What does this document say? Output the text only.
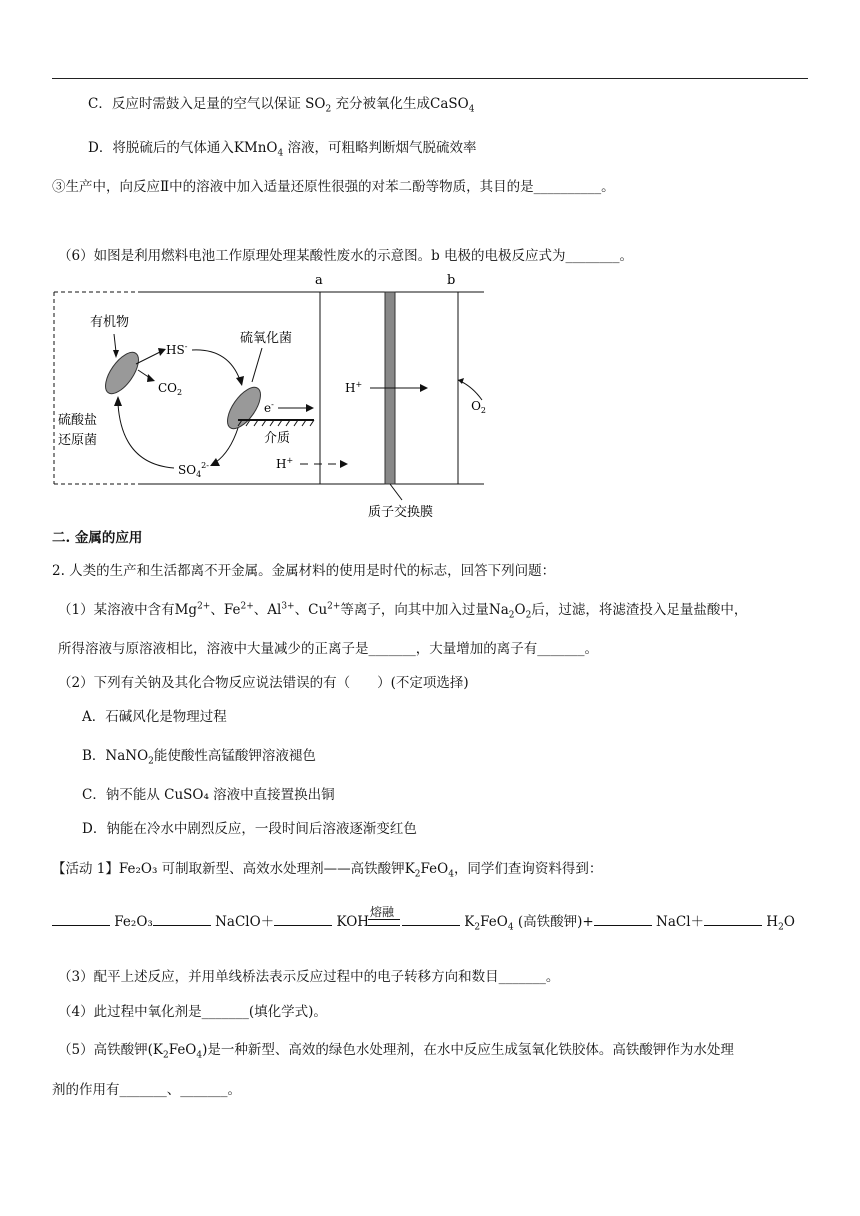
C．反应时需鼓入足量的空气以保证 $SO_2$ 充分被氧化生成CaSO$_4$
D．将脱硫后的气体通入KMnO$_4$ 溶液，可粗略判断烟气脱硫效率
③生产中，向反应Ⅱ中的溶液中加入适量还原性很强的对苯二酚等物质，其目的是__________。
（6）如图是利用燃料电池工作原理处理某酸性废水的示意图。b 电极的电极反应式为________。
a	b
质子交换膜
H+
$O_2$
有机物
HS-
$CO_2$
硫酸盐
还原菌
硫氧化菌
e-
介质
$SO_4^{2-}$	H+
二. 金属的应用
2. 人类的生产和生活都离不开金属。金属材料的使用是时代的标志，回答下列问题：
（1）某溶液中含有$Mg^{2+}$、$Fe^{2+}$、$Al^{3+}$、$Cu^{2+}$等离子，向其中加入过量$Na_2O_2$后，过滤，将滤渣投入足量盐酸中，
所得溶液与原溶液相比，溶液中大量减少的正离子是_______，大量增加的离子有_______。
（2）下列有关钠及其化合物反应说法错误的有（　　）(不定项选择)
A．石碱风化是物理过程
B．NaNO$_2$能使酸性高锰酸钾溶液褪色
C．钠不能从 CuSO₄ 溶液中直接置换出铜
D．钠能在冷水中剧烈反应，一段时间后溶液逐渐变红色
【活动 1】Fe₂O₃ 可制取新型、高效水处理剂——高铁酸钾$K_2FeO_4$，同学们查询资料得到：
Fe₂O₃	NaClO＋	KOH
熔融
$K_2FeO_4$ (高铁酸钾)+	NaCl＋	$H_2O$
（3）配平上述反应，并用单线桥法表示反应过程中的电子转移方向和数目_______。
（4）此过程中氧化剂是_______(填化学式)。
（5）高铁酸钾$(K_2FeO_4)$是一种新型、高效的绿色水处理剂，在水中反应生成氢氧化铁胶体。高铁酸钾作为水处理
剂的作用有_______、_______。
